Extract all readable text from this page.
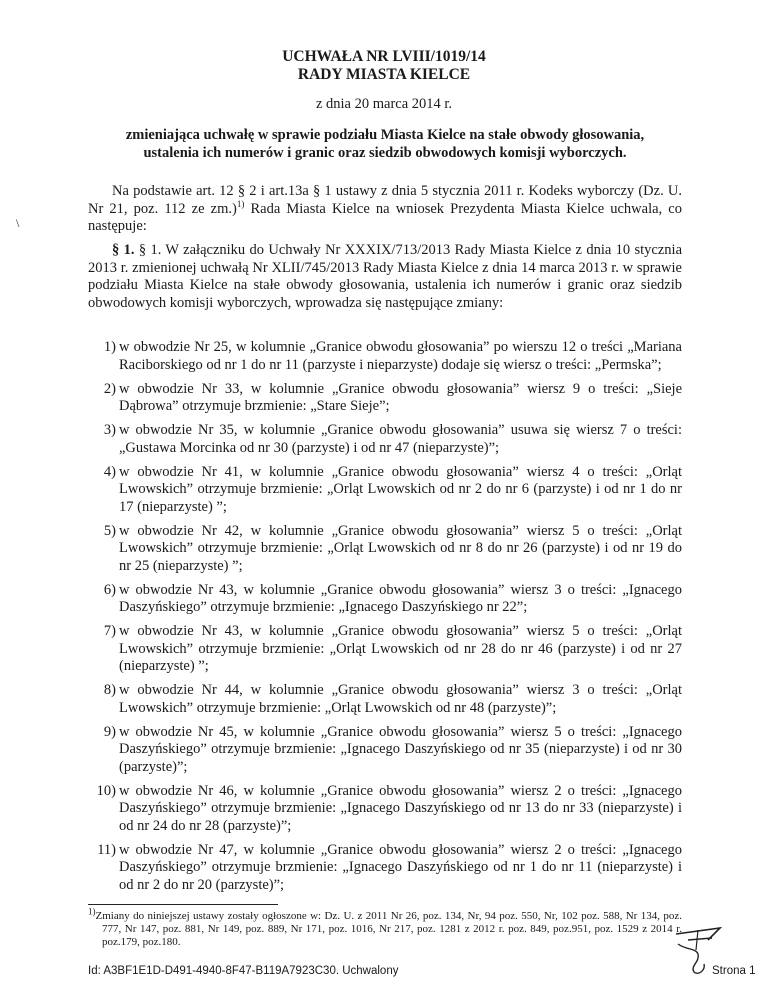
\
UCHWAŁA NR LVIII/1019/14
RADY MIASTA KIELCE
z dnia 20 marca 2014 r.
zmieniająca uchwałę w sprawie podziału Miasta Kielce na stałe obwody głosowania, ustalenia ich numerów i granic oraz siedzib obwodowych komisji wyborczych.
Na podstawie art. 12 § 2 i art.13a § 1 ustawy z dnia 5 stycznia 2011 r. Kodeks wyborczy (Dz. U. Nr 21, poz. 112 ze zm.)$^{1)}$ Rada Miasta Kielce na wniosek Prezydenta Miasta Kielce uchwala, co następuje:
§ 1. § 1. W załączniku do Uchwały Nr XXXIX/713/2013 Rady Miasta Kielce z dnia 10 stycznia 2013 r. zmienionej uchwałą Nr XLII/745/2013 Rady Miasta Kielce z dnia 14 marca 2013 r. w sprawie podziału Miasta Kielce na stałe obwody głosowania, ustalenia ich numerów i granic oraz siedzib obwodowych komisji wyborczych, wprowadza się następujące zmiany:
1) w obwodzie Nr 25, w kolumnie „Granice obwodu głosowania” po wierszu 12 o treści „Mariana Raciborskiego od nr 1 do nr 11 (parzyste i nieparzyste) dodaje się wiersz o treści: „Permska”;
2) w obwodzie Nr 33, w kolumnie „Granice obwodu głosowania” wiersz 9 o treści: „Sieje Dąbrowa” otrzymuje brzmienie: „Stare Sieje”;
3) w obwodzie Nr 35, w kolumnie „Granice obwodu głosowania” usuwa się wiersz 7 o treści: „Gustawa Morcinka od nr 30 (parzyste) i od nr 47 (nieparzyste)”;
4) w obwodzie Nr 41, w kolumnie „Granice obwodu głosowania” wiersz 4 o treści: „Orląt Lwowskich” otrzymuje brzmienie: „Orląt Lwowskich od nr 2 do nr 6 (parzyste) i od nr 1 do nr 17 (nieparzyste) ”;
5) w obwodzie Nr 42, w kolumnie „Granice obwodu głosowania” wiersz 5 o treści: „Orląt Lwowskich” otrzymuje brzmienie: „Orląt Lwowskich od nr 8 do nr 26 (parzyste) i od nr 19 do nr 25 (nieparzyste) ”;
6) w obwodzie Nr 43, w kolumnie „Granice obwodu głosowania” wiersz 3 o treści: „Ignacego Daszyńskiego” otrzymuje brzmienie: „Ignacego Daszyńskiego nr 22”;
7) w obwodzie Nr 43, w kolumnie „Granice obwodu głosowania” wiersz 5 o treści: „Orląt Lwowskich” otrzymuje brzmienie: „Orląt Lwowskich od nr 28 do nr 46 (parzyste) i od nr 27 (nieparzyste) ”;
8) w obwodzie Nr 44, w kolumnie „Granice obwodu głosowania” wiersz 3 o treści: „Orląt Lwowskich” otrzymuje brzmienie: „Orląt Lwowskich od nr 48 (parzyste)”;
9) w obwodzie Nr 45, w kolumnie „Granice obwodu głosowania” wiersz 5 o treści: „Ignacego Daszyńskiego” otrzymuje brzmienie: „Ignacego Daszyńskiego od nr 35 (nieparzyste) i od nr 30 (parzyste)”;
10) w obwodzie Nr 46, w kolumnie „Granice obwodu głosowania” wiersz 2 o treści: „Ignacego Daszyńskiego” otrzymuje brzmienie: „Ignacego Daszyńskiego od nr 13 do nr 33 (nieparzyste) i od nr 24 do nr 28 (parzyste)”;
11) w obwodzie Nr 47, w kolumnie „Granice obwodu głosowania” wiersz 2 o treści: „Ignacego Daszyńskiego” otrzymuje brzmienie: „Ignacego Daszyńskiego od nr 1 do nr 11 (nieparzyste) i od nr 2 do nr 20 (parzyste)”;
$^{1)}$Zmiany do niniejszej ustawy zostały ogłoszone w: Dz. U. z 2011 Nr 26, poz. 134, Nr, 94 poz. 550, Nr, 102 poz. 588, Nr 134, poz. 777, Nr 147, poz. 881, Nr 149, poz. 889, Nr 171, poz. 1016, Nr 217, poz. 1281 z 2012 r. poz. 849, poz.951, poz. 1529 z 2014 r. poz.179, poz.180.
Id: A3BF1E1D-D491-4940-8F47-B119A7923C30. Uchwalony	Strona 1
